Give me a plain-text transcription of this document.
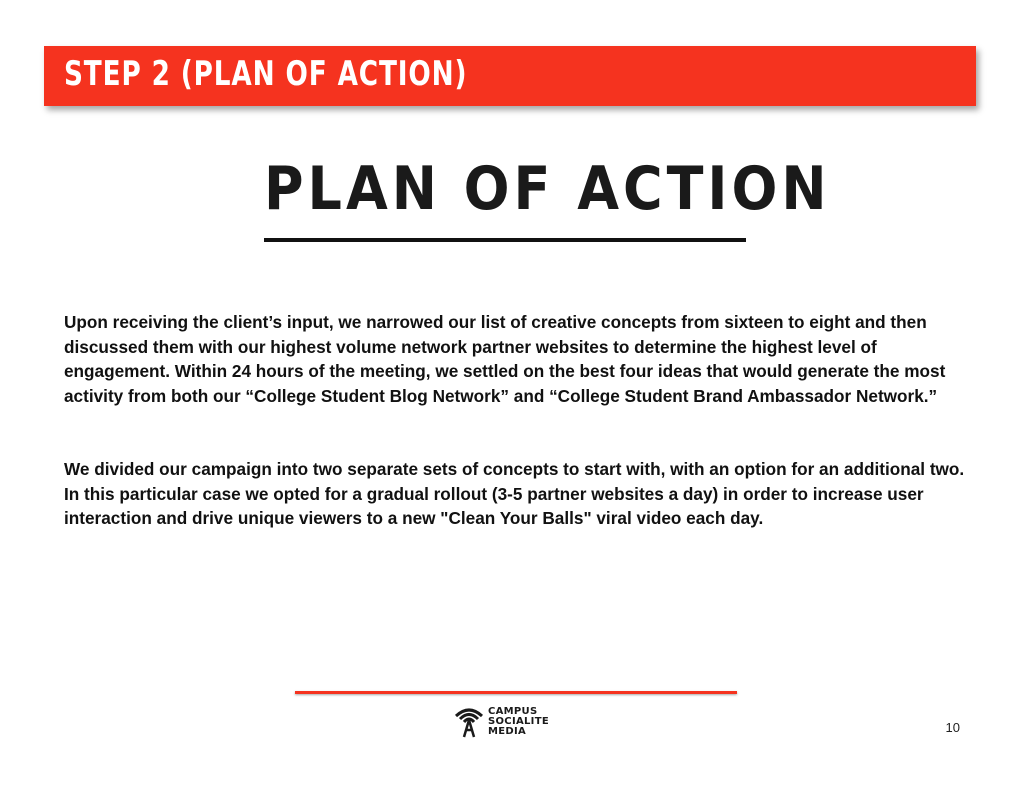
STEP 2 (PLAN OF ACTION)
PLAN OF ACTION

Upon receiving the client’s input, we narrowed our list of creative concepts from sixteen to eight and then discussed them with our highest volume network partner websites to determine the highest level of engagement. Within 24 hours of the meeting, we settled on the best four ideas that would generate the most activity from both our “College Student Blog Network” and “College Student Brand Ambassador Network.”

We divided our campaign into two separate sets of concepts to start with, with an option for an additional two. In this particular case we opted for a gradual rollout (3-5 partner websites a day) in order to increase user interaction and drive unique viewers to a new "Clean Your Balls" viral video each day.

CAMPUS
SOCIALITE
MEDIA	10
